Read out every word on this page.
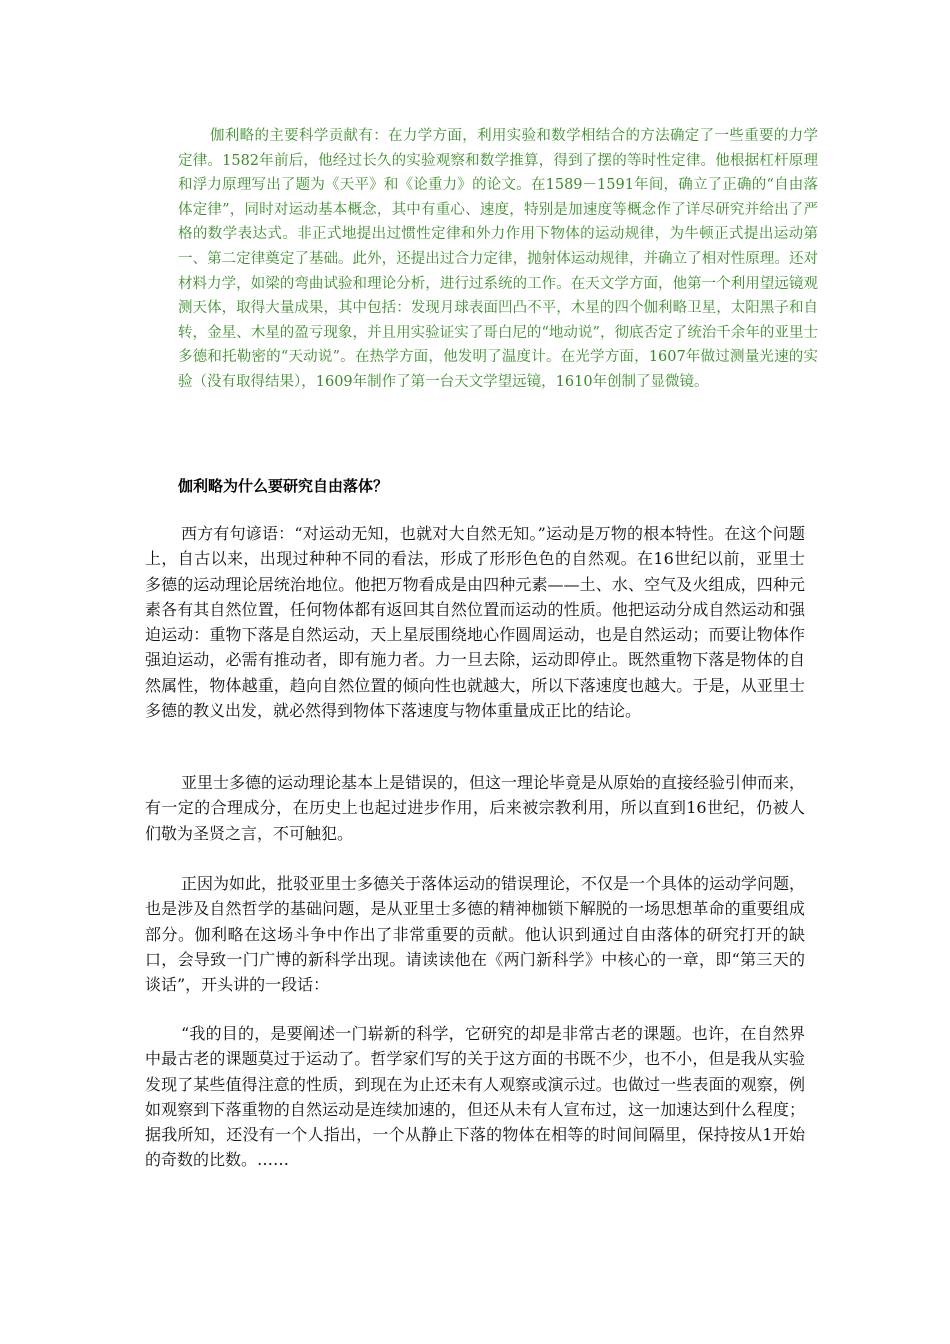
伽利略的主要科学贡献有：在力学方面，利用实验和数学相结合的方法确定了一些重要的力学定律。1582年前后，他经过长久的实验观察和数学推算，得到了摆的等时性定律。他根据杠杆原理和浮力原理写出了题为《天平》和《论重力》的论文。在1589－1591年间，确立了正确的“自由落体定律”，同时对运动基本概念，其中有重心、速度，特别是加速度等概念作了详尽研究并给出了严格的数学表达式。非正式地提出过惯性定律和外力作用下物体的运动规律，为牛顿正式提出运动第一、第二定律奠定了基础。此外，还提出过合力定律，抛射体运动规律，并确立了相对性原理。还对材料力学，如梁的弯曲试验和理论分析，进行过系统的工作。在天文学方面，他第一个利用望远镜观测天体，取得大量成果，其中包括：发现月球表面凹凸不平，木星的四个伽利略卫星，太阳黑子和自转，金星、木星的盈亏现象，并且用实验证实了哥白尼的“地动说”，彻底否定了统治千余年的亚里士多德和托勒密的“天动说”。在热学方面，他发明了温度计。在光学方面，1607年做过测量光速的实验（没有取得结果），1609年制作了第一台天文学望远镜，1610年创制了显微镜。
伽利略为什么要研究自由落体？
西方有句谚语：“对运动无知，也就对大自然无知。”运动是万物的根本特性。在这个问题上，自古以来，出现过种种不同的看法，形成了形形色色的自然观。在16世纪以前，亚里士多德的运动理论居统治地位。他把万物看成是由四种元素——土、水、空气及火组成，四种元素各有其自然位置，任何物体都有返回其自然位置而运动的性质。他把运动分成自然运动和强迫运动：重物下落是自然运动，天上星辰围绕地心作圆周运动，也是自然运动；而要让物体作强迫运动，必需有推动者，即有施力者。力一旦去除，运动即停止。既然重物下落是物体的自然属性，物体越重，趋向自然位置的倾向性也就越大，所以下落速度也越大。于是，从亚里士多德的教义出发，就必然得到物体下落速度与物体重量成正比的结论。
亚里士多德的运动理论基本上是错误的，但这一理论毕竟是从原始的直接经验引伸而来，有一定的合理成分，在历史上也起过进步作用，后来被宗教利用，所以直到16世纪，仍被人们敬为圣贤之言，不可触犯。
正因为如此，批驳亚里士多德关于落体运动的错误理论，不仅是一个具体的运动学问题，也是涉及自然哲学的基础问题，是从亚里士多德的精神枷锁下解脱的一场思想革命的重要组成部分。伽利略在这场斗争中作出了非常重要的贡献。他认识到通过自由落体的研究打开的缺口，会导致一门广博的新科学出现。请读读他在《两门新科学》中核心的一章，即“第三天的谈话”，开头讲的一段话：
“我的目的，是要阐述一门崭新的科学，它研究的却是非常古老的课题。也许，在自然界中最古老的课题莫过于运动了。哲学家们写的关于这方面的书既不少，也不小，但是我从实验发现了某些值得注意的性质，到现在为止还未有人观察或演示过。也做过一些表面的观察，例如观察到下落重物的自然运动是连续加速的，但还从未有人宣布过，这一加速达到什么程度；据我所知，还没有一个人指出，一个从静止下落的物体在相等的时间间隔里，保持按从1开始的奇数的比数。……
